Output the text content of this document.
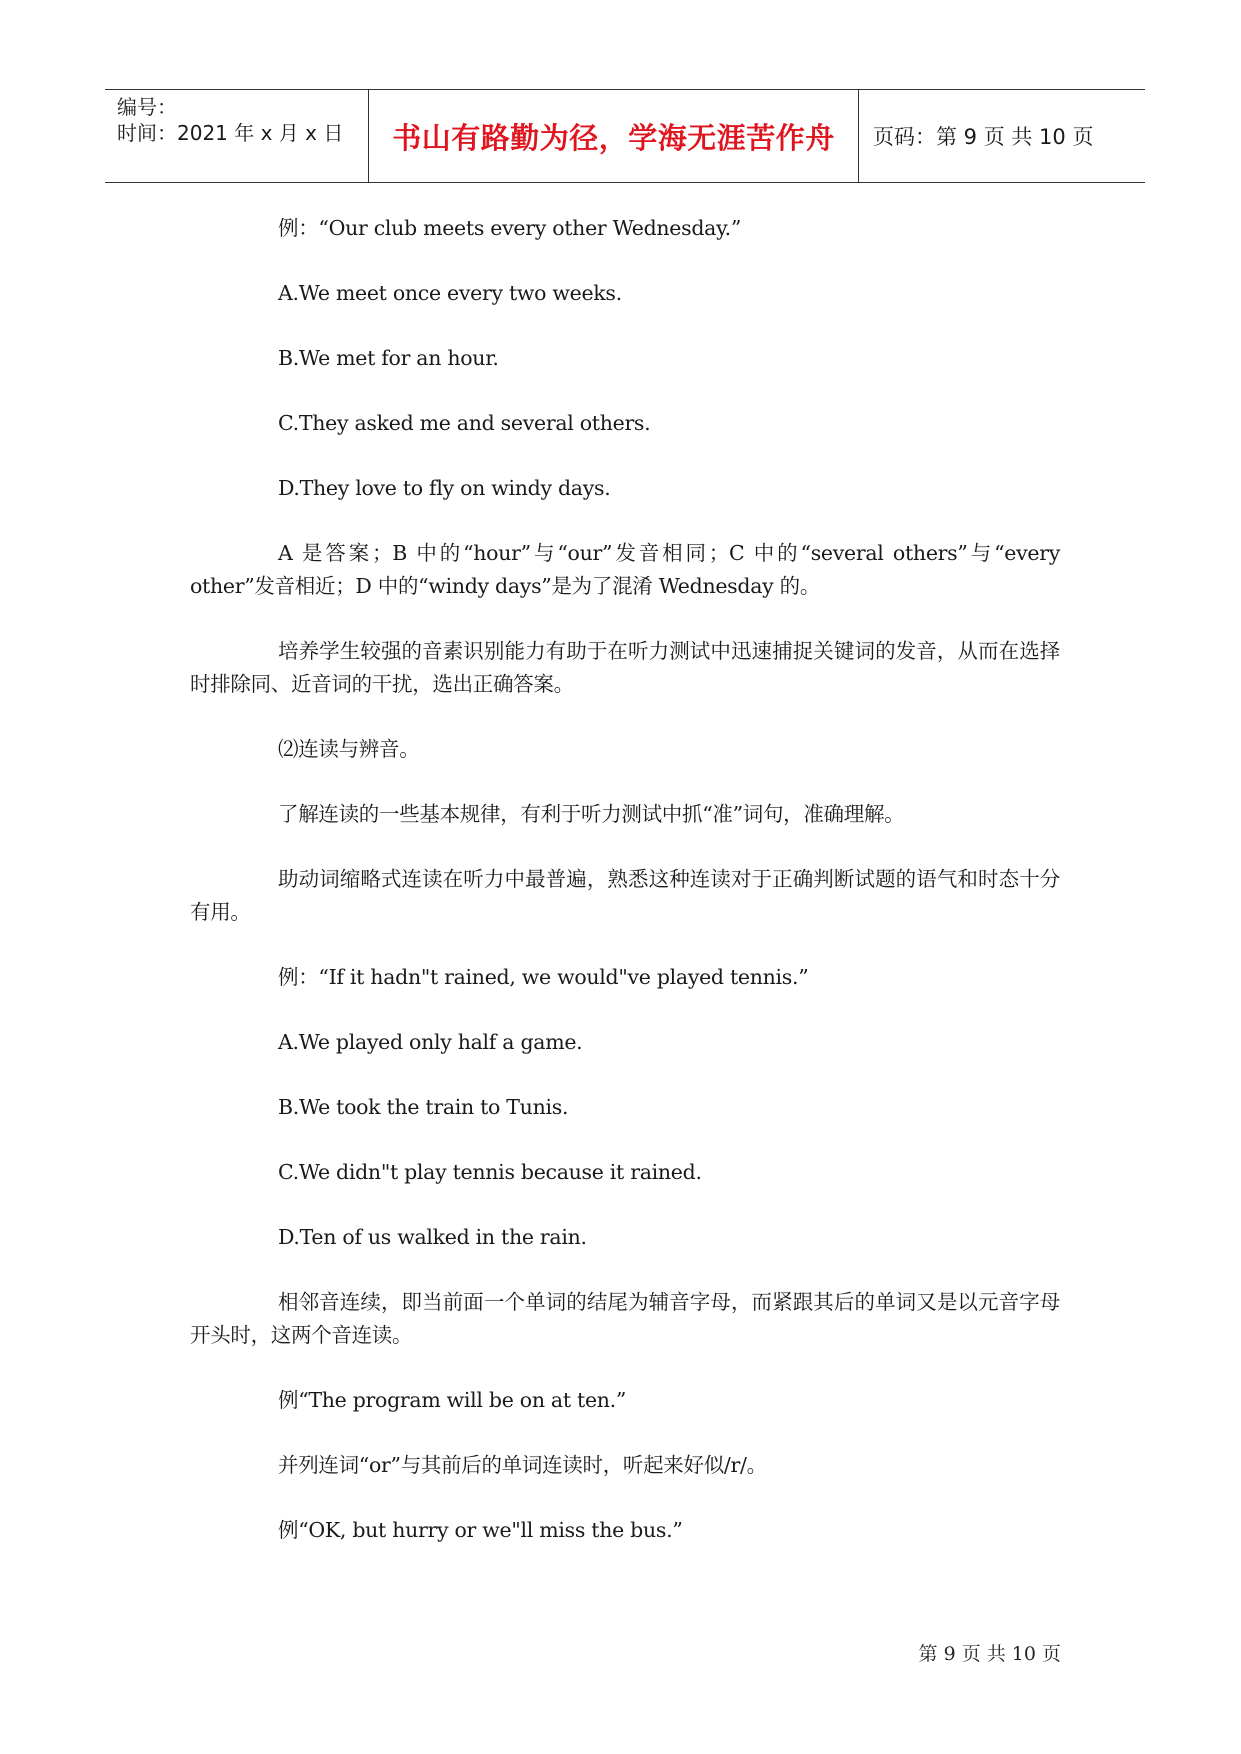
编号：
时间：2021 年 x 月 x 日	书山有路勤为径，学海无涯苦作舟 页码：第 9 页 共 10 页

例：“Our club meets every other Wednesday.”

A.We meet once every two weeks.

B.We met for an hour.

C.They asked me and several others.

D.They love to fly on windy days.

A 是答案；B 中的“hour”与“our”发音相同；C 中的“several others”与“every other”发音相近；D 中的“windy days”是为了混淆 Wednesday 的。

培养学生较强的音素识别能力有助于在听力测试中迅速捕捉关键词的发音，从而在选择时排除同、近音词的干扰，选出正确答案。

⑵连读与辨音。

了解连读的一些基本规律，有利于听力测试中抓“准”词句，准确理解。

助动词缩略式连读在听力中最普遍，熟悉这种连读对于正确判断试题的语气和时态十分有用。

例：“If it hadn"t rained, we would"ve played tennis.”

A.We played only half a game.

B.We took the train to Tunis.

C.We didn"t play tennis because it rained.

D.Ten of us walked in the rain.

相邻音连续，即当前面一个单词的结尾为辅音字母，而紧跟其后的单词又是以元音字母开头时，这两个音连读。

例“The program will be on at ten.”

并列连词“or”与其前后的单词连读时，听起来好似/r/。

例“OK, but hurry or we"ll miss the bus.”

第 9 页 共 10 页
